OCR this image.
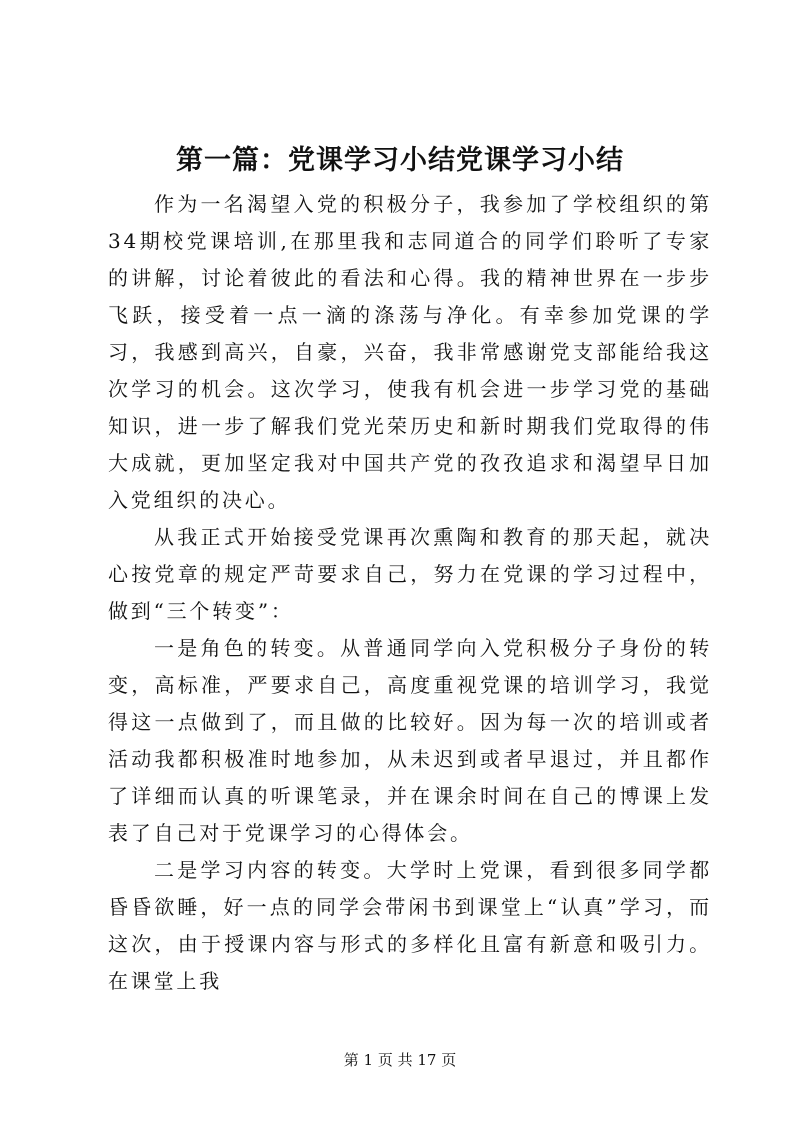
第一篇：党课学习小结党课学习小结

作为一名渴望入党的积极分子，我参加了学校组织的第34期校党课培训,在那里我和志同道合的同学们聆听了专家的讲解，讨论着彼此的看法和心得。我的精神世界在一步步飞跃，接受着一点一滴的涤荡与净化。有幸参加党课的学习，我感到高兴，自豪，兴奋，我非常感谢党支部能给我这次学习的机会。这次学习，使我有机会进一步学习党的基础知识，进一步了解我们党光荣历史和新时期我们党取得的伟大成就，更加坚定我对中国共产党的孜孜追求和渴望早日加入党组织的决心。

从我正式开始接受党课再次熏陶和教育的那天起，就决心按党章的规定严苛要求自己，努力在党课的学习过程中，做到“三个转变”：

一是角色的转变。从普通同学向入党积极分子身份的转变，高标准，严要求自己，高度重视党课的培训学习，我觉得这一点做到了，而且做的比较好。因为每一次的培训或者活动我都积极准时地参加，从未迟到或者早退过，并且都作了详细而认真的听课笔录，并在课余时间在自己的博课上发表了自己对于党课学习的心得体会。

二是学习内容的转变。大学时上党课，看到很多同学都昏昏欲睡，好一点的同学会带闲书到课堂上“认真”学习，而这次，由于授课内容与形式的多样化且富有新意和吸引力。在课堂上我

第 1 页 共 17 页
